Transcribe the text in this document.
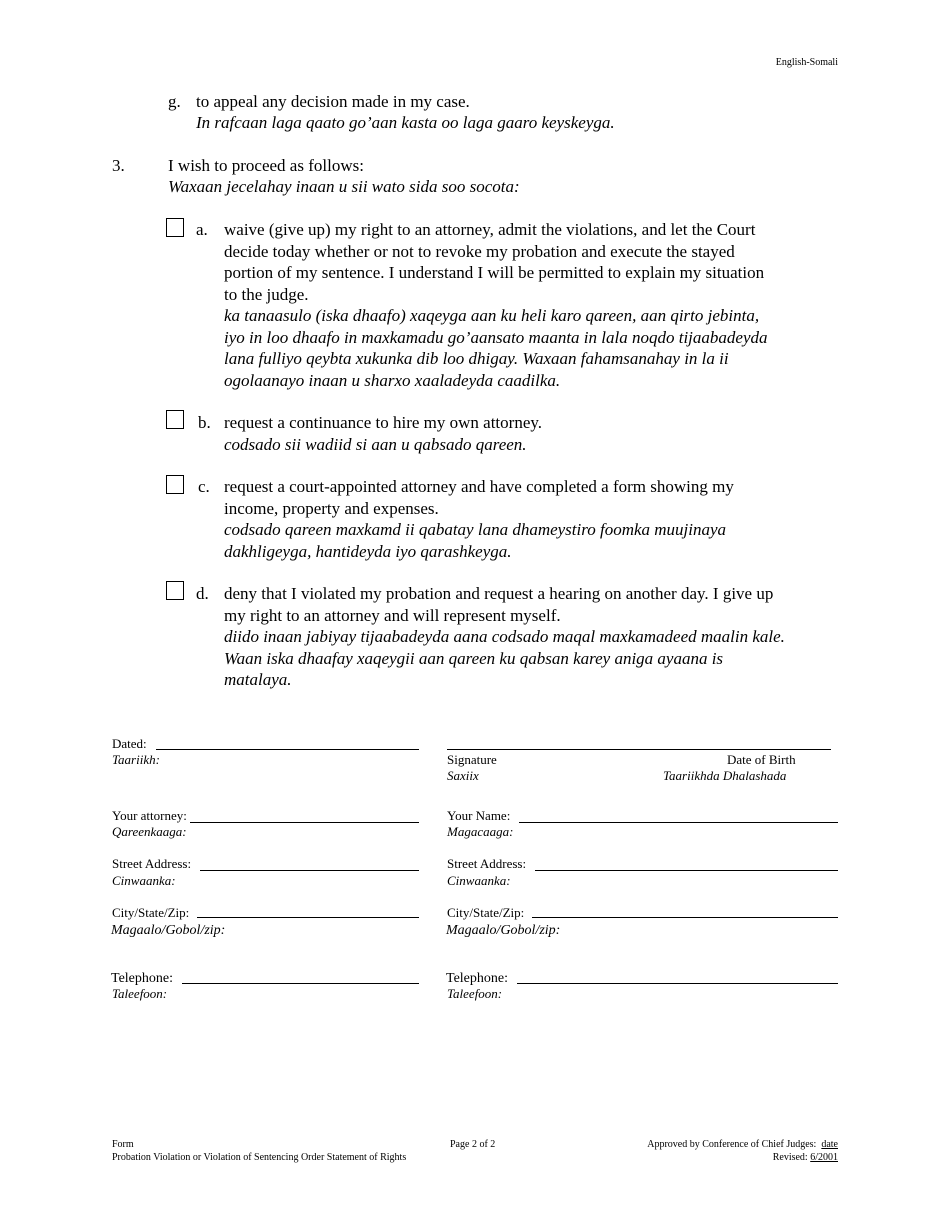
English-Somali
g. to appeal any decision made in my case.
In rafcaan laga qaato go’aan kasta oo laga gaaro keyskeyga.
3.	I wish to proceed as follows:
Waxaan jecelahay inaan u sii wato sida soo socota:
a. waive (give up) my right to an attorney, admit the violations, and let the Court
decide today whether or not to revoke my probation and execute the stayed
portion of my sentence. I understand I will be permitted to explain my situation
to the judge.
ka tanaasulo (iska dhaafo) xaqeyga aan ku heli karo qareen, aan qirto jebinta,
iyo in loo dhaafo in maxkamadu go’aansato maanta in lala noqdo tijaabadeyda
lana fulliyo qeybta xukunka dib loo dhigay. Waxaan fahamsanahay in la ii
ogolaanayo inaan u sharxo xaaladeyda caadilka.
b. request a continuance to hire my own attorney.
codsado sii wadiid si aan u qabsado qareen.
c. request a court-appointed attorney and have completed a form showing my
income, property and expenses.
codsado qareen maxkamd ii qabatay lana dhameystiro foomka muujinaya
dakhligeyga, hantideyda iyo qarashkeyga.
d. deny that I violated my probation and request a hearing on another day. I give up
my right to an attorney and will represent myself.
diido inaan jabiyay tijaabadeyda aana codsado maqal maxkamadeed maalin kale.
Waan iska dhaafay xaqeygii aan qareen ku qabsan karey aniga ayaana is
matalaya.
Dated:
Taariikh:
Your attorney:
Qareenkaaga:
Street Address:
Cinwaanka:
City/State/Zip:
Magaalo/Gobol/zip:
Telephone:
Taleefoon:
Signature
Saxiix
Date of Birth
Taariikhda Dhalashada
Your Name:
Magacaaga:
Street Address:
Cinwaanka:
City/State/Zip:
Magaalo/Gobol/zip:
Telephone:
Taleefoon:
Form
Probation Violation or Violation of Sentencing Order Statement of Rights
Page 2 of 2	Approved by Conference of Chief Judges: date
Revised: 6/2001
